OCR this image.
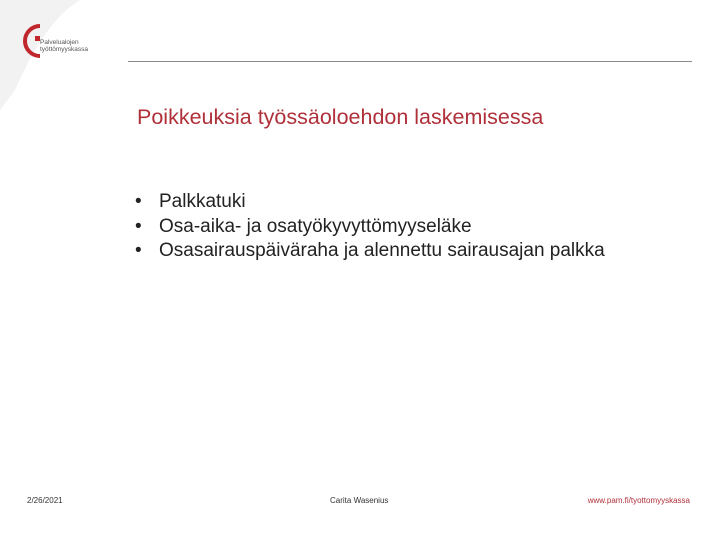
Palvelualojen
työttömyyskassa
Poikkeuksia työssäoloehdon laskemisessa
• Palkkatuki
• Osa-aika- ja osatyökyvyttömyyseläke
• Osasairauspäiväraha ja alennettu sairausajan palkka
2/26/2021	Carita Wasenius	www.pam.fi/tyottomyyskassa
